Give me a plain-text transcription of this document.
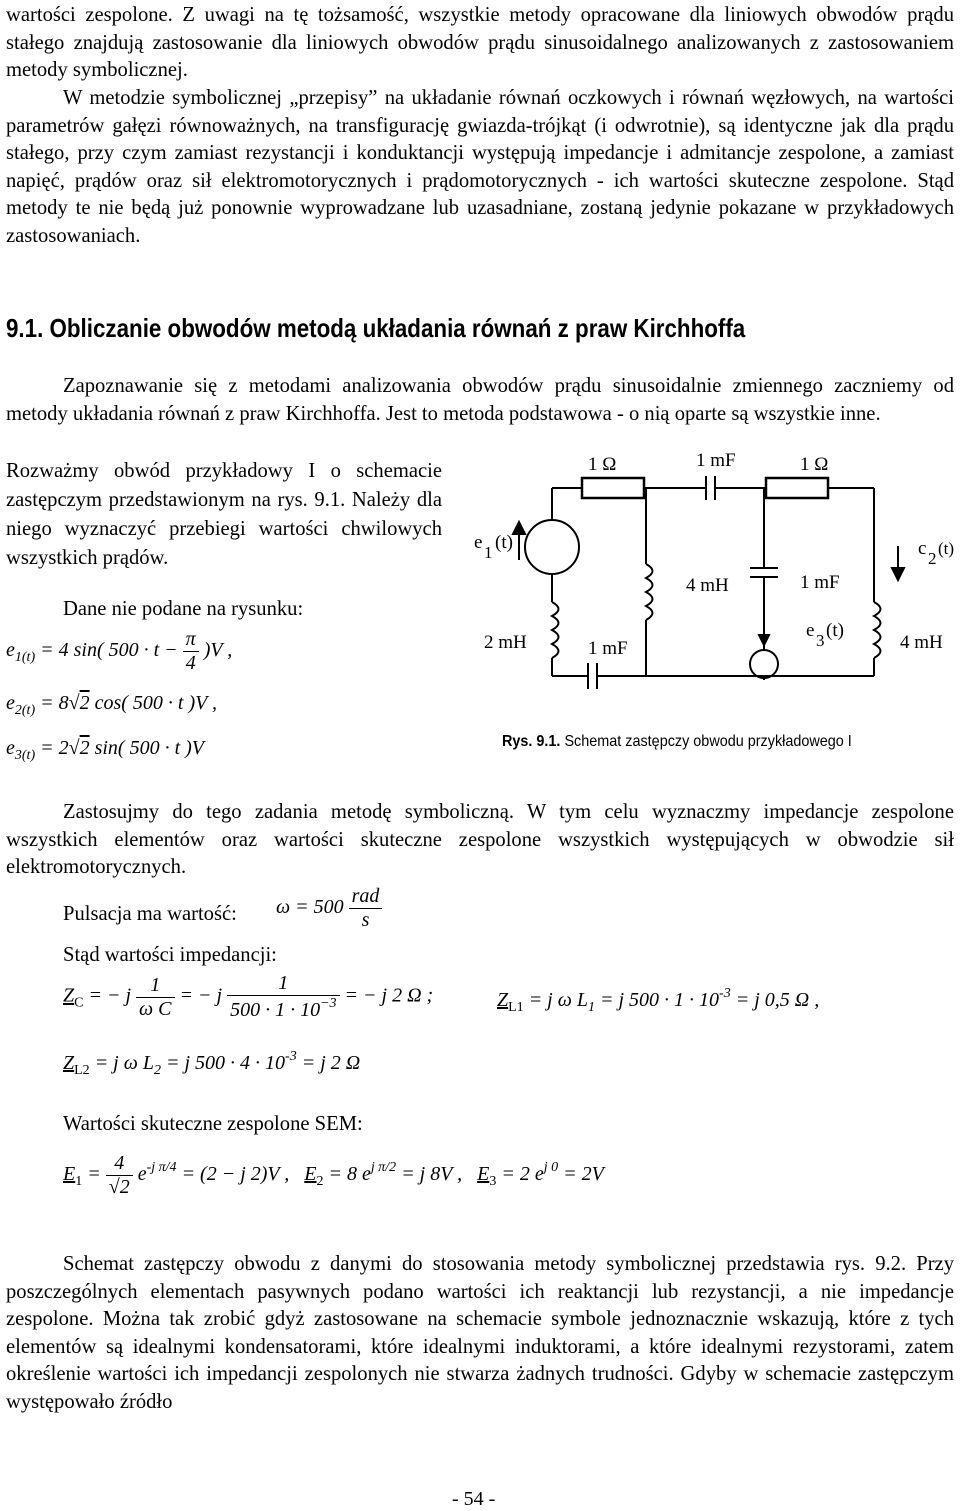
wartości zespolone. Z uwagi na tę tożsamość, wszystkie metody opracowane dla liniowych obwodów prądu stałego znajdują zastosowanie dla liniowych obwodów prądu sinusoidalnego analizowanych z zastosowaniem metody symbolicznej.

W metodzie symbolicznej „przepisy” na układanie równań oczkowych i równań węzłowych, na wartości parametrów gałęzi równoważnych, na transfigurację gwiazda-trójkąt (i odwrotnie), są identyczne jak dla prądu stałego, przy czym zamiast rezystancji i konduktancji występują impedancje i admitancje zespolone, a zamiast napięć, prądów oraz sił elektromotorycznych i prądomotorycznych - ich wartości skuteczne zespolone. Stąd metody te nie będą już ponownie wyprowadzane lub uzasadniane, zostaną jedynie pokazane w przykładowych zastosowaniach.

9.1. Obliczanie obwodów metodą układania równań z praw Kirchhoffa

Zapoznawanie się z metodami analizowania obwodów prądu sinusoidalnie zmiennego zaczniemy od metody układania równań z praw Kirchhoffa. Jest to metoda podstawowa - o nią oparte są wszystkie inne.

Rozważmy obwód przykładowy I o schemacie zastępczym przedstawionym na rys. 9.1. Należy dla niego wyznaczyć przebiegi wartości chwilowych wszystkich prądów.

Dane nie podane na rysunku:
$e_{1(t)} = 4$ sin( $500 \cdot t - \frac{\pi}{4} )V$ ,
$e_{2(t)} = 8√2$ cos( 500 · t )V ,
$e_{3(t)} = 2√2$ sin( 500 · t )V
1 Ω	1 mF	1 Ω
e 1 (t)	c 2
(t)
4 mH	1 mF
e 3 (t)
2 mH	1 mF	4 mH
Rys. 9.1. Schemat zastępczy obwodu przykładowego I

Zastosujmy do tego zadania metodę symboliczną. W tym celu wyznaczmy impedancje zespolone wszystkich elementów oraz wartości skuteczne zespolone wszystkich występujących w obwodzie sił elektromotorycznych.

Pulsacja ma wartość: $\omega = 500 \frac{\text{rad}}{s}$
Stąd wartości impedancji:
$Z_C$ = − j $\frac{1}{\text{ω C}}$ = − j $\frac{1}{500 \cdot 1 \cdot 10^{-3}}$ = − j 2 Ω ;	$Z_{L1} = j$ ω $L_1 = j$ $500 \cdot 1 \cdot 10^{-3} = j$ 0,5 Ω ,
$Z_{L2} = j$ ω $L_2 = j$ $500 \cdot 4 \cdot 10^{-3} = j$ 2 Ω
Wartości skuteczne zespolone SEM:
$E_1 = \frac{4}{√2} e^{-j \pi/4} = (2 - j$ 2)V ,   $E_2 = 8$ $e^{j \pi/2} = j$ 8V ,   $E_3 = 2$ $e^{j 0} = 2V$

Schemat zastępczy obwodu z danymi do stosowania metody symbolicznej przedstawia rys. 9.2. Przy poszczególnych elementach pasywnych podano wartości ich reaktancji lub rezystancji, a nie impedancje zespolone. Można tak zrobić gdyż zastosowane na schemacie symbole jednoznacznie wskazują, które z tych elementów są idealnymi kondensatorami, które idealnymi induktorami, a które idealnymi rezystorami, zatem określenie wartości ich impedancji zespolonych nie stwarza żadnych trudności. Gdyby w schemacie zastępczym występowało źródło

- 54 -
